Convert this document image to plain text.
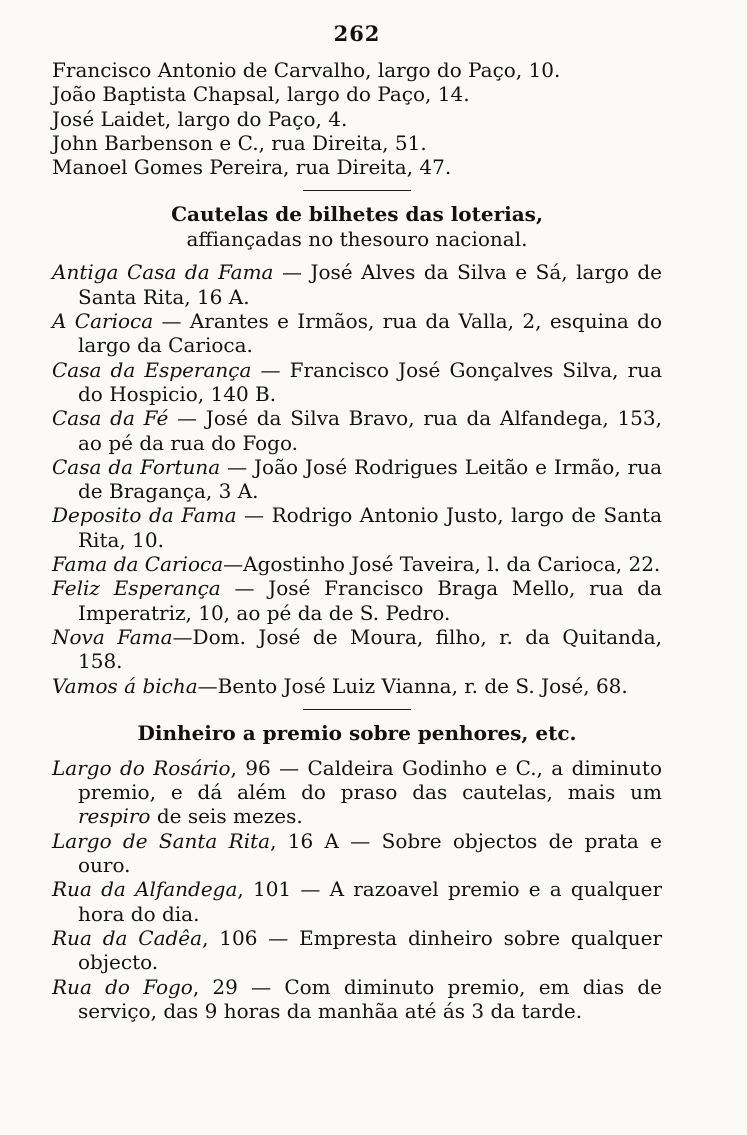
262

Francisco Antonio de Carvalho, largo do Paço, 10.

João Baptista Chapsal, largo do Paço, 14.

José Laidet, largo do Paço, 4.

John Barbenson e C., rua Direita, 51.

Manoel Gomes Pereira, rua Direita, 47.

Cautelas de bilhetes das loterias,
affiançadas no thesouro nacional.

Antiga Casa da Fama — José Alves da Silva e Sá, largo de Santa Rita, 16 A.

A Carioca — Arantes e Irmãos, rua da Valla, 2, esquina do largo da Carioca.

Casa da Esperança — Francisco José Gonçalves Silva, rua do Hospicio, 140 B.

Casa da Fé — José da Silva Bravo, rua da Alfandega, 153, ao pé da rua do Fogo.

Casa da Fortuna — João José Rodrigues Leitão e Irmão, rua de Bragança, 3 A.

Deposito da Fama — Rodrigo Antonio Justo, largo de Santa Rita, 10.

Fama da Carioca—Agostinho José Taveira, l. da Carioca, 22.

Feliz Esperança — José Francisco Braga Mello, rua da Imperatriz, 10, ao pé da de S. Pedro.

Nova Fama—Dom. José de Moura, filho, r. da Quitanda, 158.

Vamos á bicha—Bento José Luiz Vianna, r. de S. José, 68.

Dinheiro a premio sobre penhores, etc.

Largo do Rosário, 96 — Caldeira Godinho e C., a diminuto premio, e dá além do praso das cautelas, mais um respiro de seis mezes.

Largo de Santa Rita, 16 A — Sobre objectos de prata e ouro.

Rua da Alfandega, 101 — A razoavel premio e a qualquer hora do dia.

Rua da Cadêa, 106 — Empresta dinheiro sobre qualquer objecto.

Rua do Fogo, 29 — Com diminuto premio, em dias de serviço, das 9 horas da manhãa até ás 3 da tarde.
